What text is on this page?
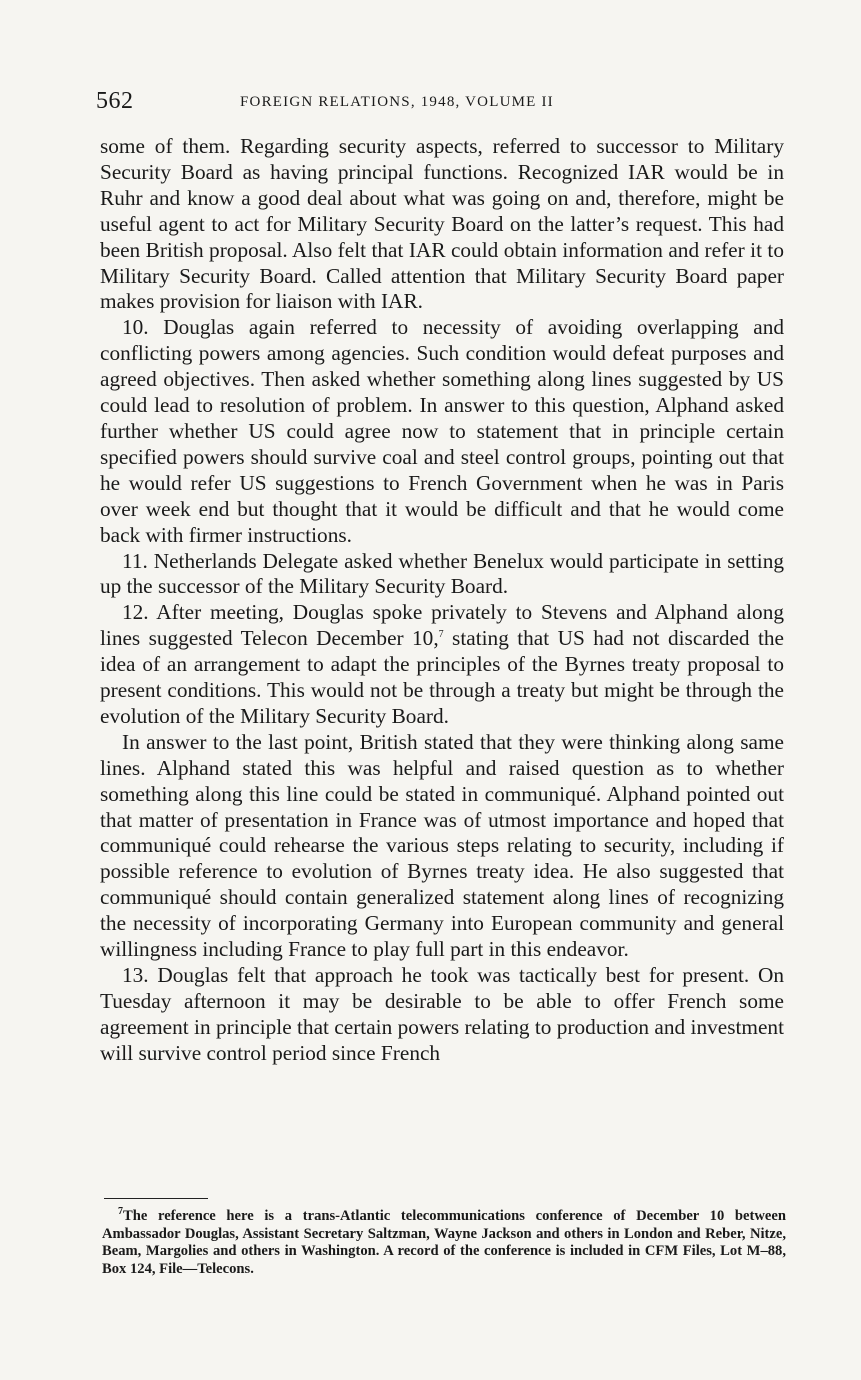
562	FOREIGN RELATIONS, 1948, VOLUME II

some of them. Regarding security aspects, referred to successor to Military Security Board as having principal functions. Recognized IAR would be in Ruhr and know a good deal about what was going on and, therefore, might be useful agent to act for Military Security Board on the latter’s request. This had been British proposal. Also felt that IAR could obtain information and refer it to Military Security Board. Called attention that Military Security Board paper makes provision for liaison with IAR.

10. Douglas again referred to necessity of avoiding overlapping and conflicting powers among agencies. Such condition would defeat purposes and agreed objectives. Then asked whether something along lines suggested by US could lead to resolution of problem. In answer to this question, Alphand asked further whether US could agree now to statement that in principle certain specified powers should survive coal and steel control groups, pointing out that he would refer US suggestions to French Government when he was in Paris over week end but thought that it would be difficult and that he would come back with firmer instructions.

11. Netherlands Delegate asked whether Benelux would participate in setting up the successor of the Military Security Board.

12. After meeting, Douglas spoke privately to Stevens and Alphand along lines suggested Telecon December 10,$^7$ stating that US had not discarded the idea of an arrangement to adapt the principles of the Byrnes treaty proposal to present conditions. This would not be through a treaty but might be through the evolution of the Military Security Board.

In answer to the last point, British stated that they were thinking along same lines. Alphand stated this was helpful and raised question as to whether something along this line could be stated in communiqué. Alphand pointed out that matter of presentation in France was of utmost importance and hoped that communiqué could rehearse the various steps relating to security, including if possible reference to evolution of Byrnes treaty idea. He also suggested that communiqué should contain generalized statement along lines of recognizing the necessity of incorporating Germany into European community and general willingness including France to play full part in this endeavor.

13. Douglas felt that approach he took was tactically best for present. On Tuesday afternoon it may be desirable to be able to offer French some agreement in principle that certain powers relating to production and investment will survive control period since French

$^7$The reference here is a trans-Atlantic telecommunications conference of December 10 between Ambassador Douglas, Assistant Secretary Saltzman, Wayne Jackson and others in London and Reber, Nitze, Beam, Margolies and others in Washington. A record of the conference is included in CFM Files, Lot M–88, Box 124, File—Telecons.
